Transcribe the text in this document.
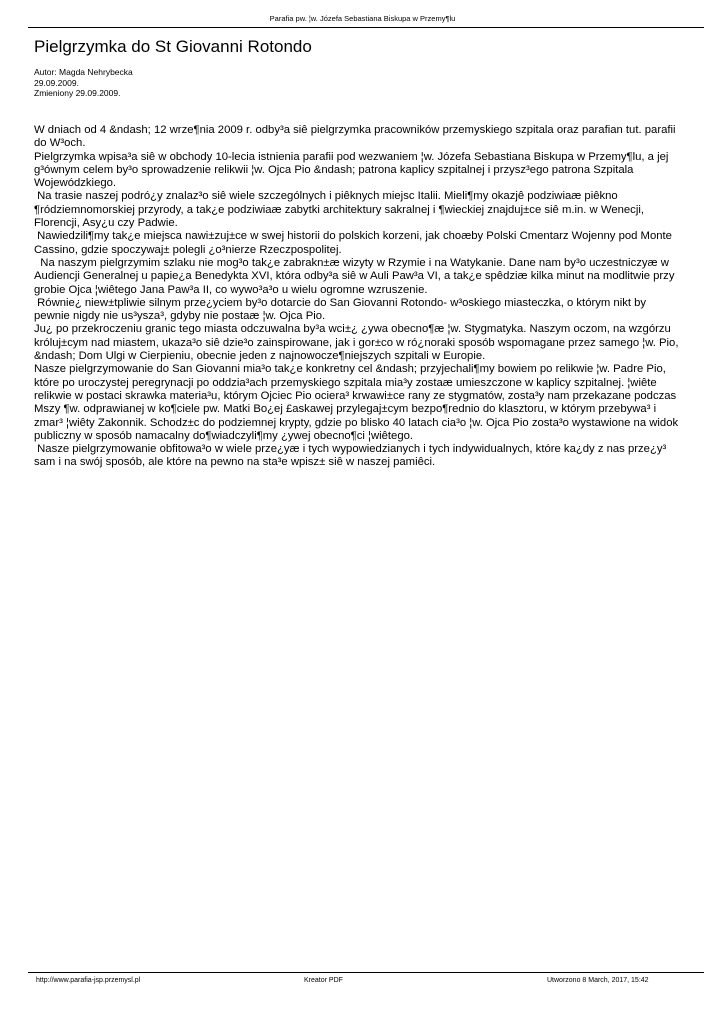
Parafia pw. ¦w. Józefa Sebastiana Biskupa w Przemy¶lu
Pielgrzymka do St Giovanni Rotondo
Autor: Magda Nehrybecka
29.09.2009.
Zmieniony 29.09.2009.

W dniach od 4 &ndash; 12 wrze¶nia 2009 r. odby³a siê pielgrzymka pracowników przemyskiego szpitala oraz parafian tut. parafii do W³och.

Pielgrzymka wpisa³a siê w obchody 10-lecia istnienia parafii pod wezwaniem ¦w. Józefa Sebastiana Biskupa w Przemy¶lu, a jej g³ównym celem by³o sprowadzenie relikwii ¦w. Ojca Pio &ndash; patrona kaplicy szpitalnej i przysz³ego patrona Szpitala Wojewódzkiego.

Na trasie naszej podró¿y znalaz³o siê wiele szczególnych i piêknych miejsc Italii. Mieli¶my okazjê podziwiaæ piêkno ¶ródziemnomorskiej przyrody, a tak¿e podziwiaæ zabytki architektury sakralnej i ¶wieckiej znajduj±ce siê m.in. w Wenecji, Florencji, Asy¿u czy Padwie.

Nawiedzili¶my tak¿e miejsca nawi±zuj±ce w swej historii do polskich korzeni, jak choæby Polski Cmentarz Wojenny pod Monte Cassino, gdzie spoczywaj± polegli ¿o³nierze Rzeczpospolitej.

Na naszym pielgrzymim szlaku nie mog³o tak¿e zabrakn±æ wizyty w Rzymie i na Watykanie. Dane nam by³o uczestniczyæ w Audiencji Generalnej u papie¿a Benedykta XVI, która odby³a siê w Auli Paw³a VI, a tak¿e spêdziæ kilka minut na modlitwie przy grobie Ojca ¦wiêtego Jana Paw³a II, co wywo³a³o u wielu ogromne wzruszenie.

Równie¿ niew±tpliwie silnym prze¿yciem by³o dotarcie do San Giovanni Rotondo- w³oskiego miasteczka, o którym nikt by pewnie nigdy nie us³ysza³, gdyby nie postaæ ¦w. Ojca Pio.

Ju¿ po przekroczeniu granic tego miasta odczuwalna by³a wci±¿ ¿ywa obecno¶æ ¦w. Stygmatyka. Naszym oczom, na wzgórzu króluj±cym nad miastem, ukaza³o siê dzie³o zainspirowane, jak i gor±co w ró¿noraki sposób wspomagane przez samego ¦w. Pio, &ndash; Dom Ulgi w Cierpieniu, obecnie jeden z najnowocze¶niejszych szpitali w Europie.

Nasze pielgrzymowanie do San Giovanni mia³o tak¿e konkretny cel &ndash; przyjechali¶my bowiem po relikwie ¦w. Padre Pio, które po uroczystej peregrynacji po oddzia³ach przemyskiego szpitala mia³y zostaæ umieszczone w kaplicy szpitalnej. ¦wiête relikwie w postaci skrawka materia³u, którym Ojciec Pio ociera³ krwawi±ce rany ze stygmatów, zosta³y nam przekazane podczas Mszy ¶w. odprawianej w ko¶ciele pw. Matki Bo¿ej £askawej przylegaj±cym bezpo¶rednio do klasztoru, w którym przebywa³ i zmar³ ¦wiêty Zakonnik. Schodz±c do podziemnej krypty, gdzie po blisko 40 latach cia³o ¦w. Ojca Pio zosta³o wystawione na widok publiczny w sposób namacalny do¶wiadczyli¶my ¿ywej obecno¶ci ¦wiêtego.

Nasze pielgrzymowanie obfitowa³o w wiele prze¿yæ i tych wypowiedzianych i tych indywidualnych, które ka¿dy z nas prze¿y³ sam i na swój sposób, ale które na pewno na sta³e wpisz± siê w naszej pamiêci.

http://www.parafia-jsp.przemysl.pl	Kreator PDF	Utworzono 8 March, 2017, 15:42
